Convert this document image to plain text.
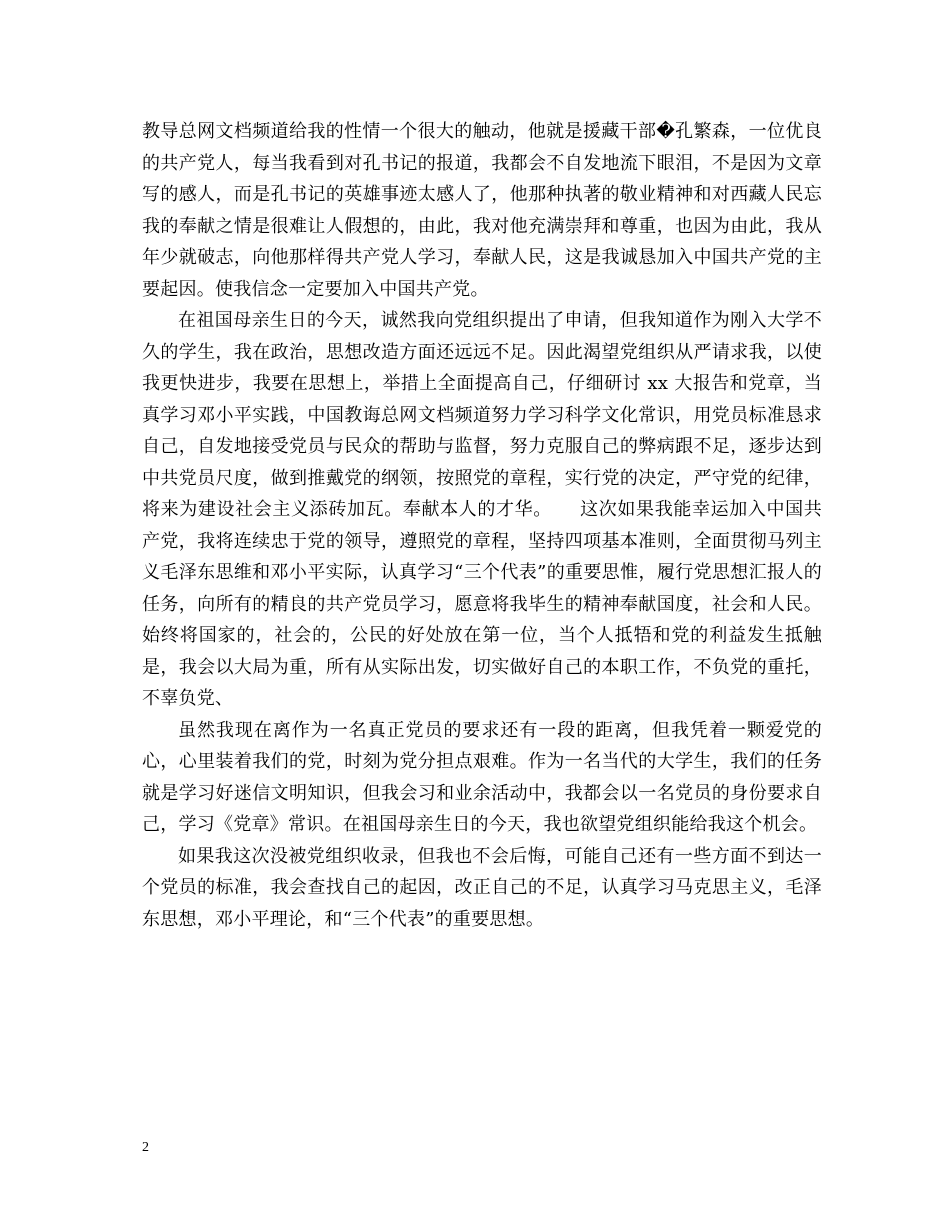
教导总网文档频道给我的性情一个很大的触动，他就是援藏干部�孔繁森，一位优良的共产党人，每当我看到对孔书记的报道，我都会不自发地流下眼泪，不是因为文章写的感人，而是孔书记的英雄事迹太感人了，他那种执著的敬业精神和对西藏人民忘我的奉献之情是很难让人假想的，由此，我对他充满崇拜和尊重，也因为由此，我从年少就破志，向他那样得共产党人学习，奉献人民，这是我诚恳加入中国共产党的主要起因。使我信念一定要加入中国共产党。

在祖国母亲生日的今天，诚然我向党组织提出了申请，但我知道作为刚入大学不久的学生，我在政治，思想改造方面还远远不足。因此渴望党组织从严请求我，以使我更快进步，我要在思想上，举措上全面提高自己，仔细研讨 xx 大报告和党章，当真学习邓小平实践，中国教诲总网文档频道努力学习科学文化常识，用党员标准恳求自己，自发地接受党员与民众的帮助与监督，努力克服自己的弊病跟不足，逐步达到中共党员尺度，做到推戴党的纲领，按照党的章程，实行党的决定，严守党的纪律，将来为建设社会主义添砖加瓦。奉献本人的才华。　　这次如果我能幸运加入中国共产党，我将连续忠于党的领导，遵照党的章程，坚持四项基本准则，全面贯彻马列主义毛泽东思维和邓小平实际，认真学习“三个代表”的重要思惟，履行党思想汇报人的任务，向所有的精良的共产党员学习，愿意将我毕生的精神奉献国度，社会和人民。始终将国家的，社会的，公民的好处放在第一位，当个人抵牾和党的利益发生抵触是，我会以大局为重，所有从实际出发，切实做好自己的本职工作，不负党的重托，不辜负党、

虽然我现在离作为一名真正党员的要求还有一段的距离，但我凭着一颗爱党的心，心里装着我们的党，时刻为党分担点艰难。作为一名当代的大学生，我们的任务就是学习好迷信文明知识，但我会习和业余活动中，我都会以一名党员的身份要求自己，学习《党章》常识。在祖国母亲生日的今天，我也欲望党组织能给我这个机会。

如果我这次没被党组织收录，但我也不会后悔，可能自己还有一些方面不到达一个党员的标准，我会查找自己的起因，改正自己的不足，认真学习马克思主义，毛泽东思想，邓小平理论，和“三个代表”的重要思想。

2
